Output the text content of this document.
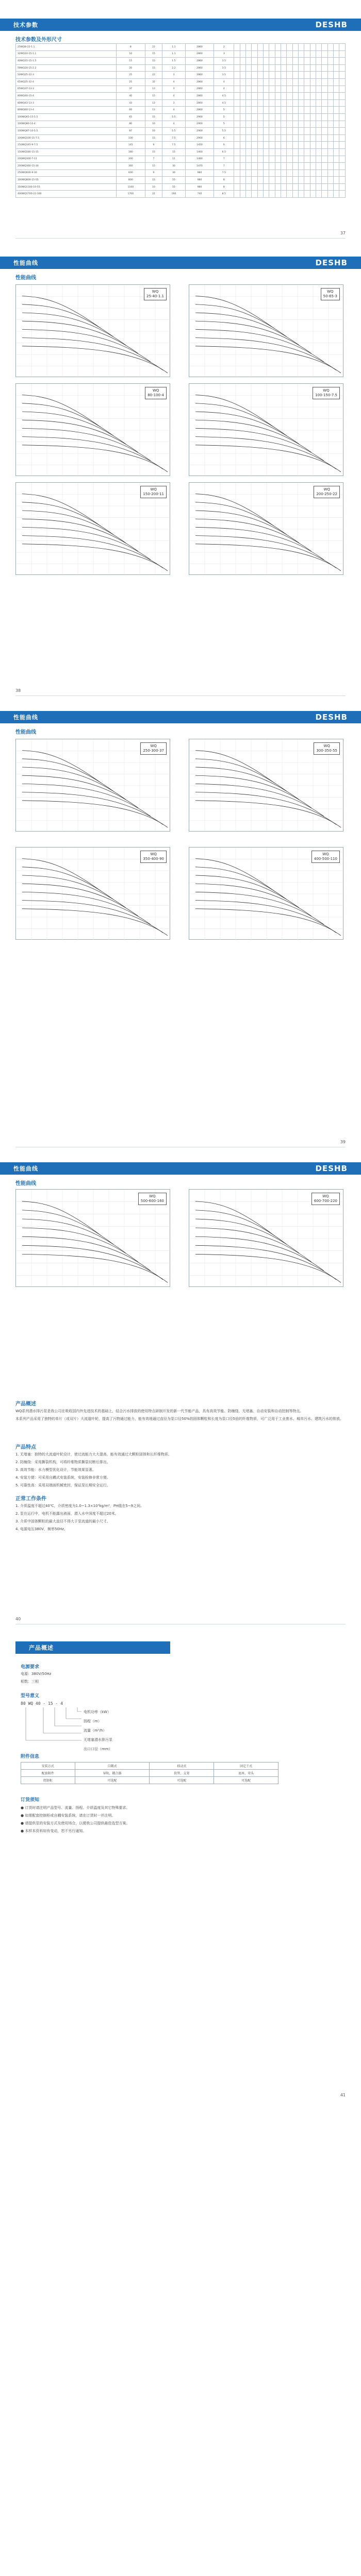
技术参数	DESHB
技术参数及外形尺寸
25WQ8-22-1.1	8	22	1.1	2860	2																			
32WQ10-15-1.1	10	15	1.1	2860	3																			
40WQ15-15-1.5	15	15	1.5	2860	3.5																			
50WQ20-15-2.2	20	15	2.2	2860	3.5																			
50WQ25-22-3	25	22	3	2860	3.5																			
65WQ25-32-4	25	32	4	2860	4																			
65WQ37-13-3	37	13	3	2860	4																			
80WQ40-15-4	40	15	4	2860	4.5																			
80WQ43-13-3	43	13	3	2860	4.5																			
80WQ60-13-4	60	13	4	2860	5																			
100WQ65-15-5.5	65	15	5.5	2900	5																			
100WQ80-10-4	80	10	4	2900	5																			
100WQ87-10-5.5	87	10	5.5	2900	5.5																			
100WQ100-15-7.5	100	15	7.5	2900	6																			
150WQ145-9-7.5	145	9	7.5	1450	6																			
150WQ180-15-15	180	15	15	1460	6.5																			
200WQ300-7-11	300	7	11	1460	7																			
200WQ360-15-30	360	15	30	1470	7																			
250WQ600-9-30	600	9	30	980	7.5																			
300WQ800-15-55	800	15	55	980	8																			
350WQ1100-10-55	1100	10	55	980	8																			
400WQ1700-22-160	1700	22	160	740	8.5																			
37
性能曲线	DESHB
性能曲线
WQ
25-40-1.1
WQ
50-65-3
WQ
80-100-4
WQ
100-150-7.5
WQ
150-200-11
WQ
200-250-22
38
性能曲线	DESHB
性能曲线
WQ
250-300-37
WQ
300-350-55
WQ
350-400-90
WQ
400-500-110
39
性能曲线	DESHB
性能曲线
WQ
500-600-160
WQ
600-700-220
产品概述

WQ系列潜水排污泵是我公司在吸收国内外先进技术的基础上，结合污水排放的使用特点研制开发的新一代节能产品，具有高效节能、防缠绕、无堵塞、自动安装和自动控制等特点。

本系列产品采用了独特的单片（或双片）大流道叶轮，提高了污物通过能力，能有效地通过直径为泵口径50%的固体颗粒和长度为泵口径5倍的纤维物质，可广泛用于工业废水、城市污水、建筑污水的排放。

产品特点

1. 无堵塞：独特的大流道叶轮设计，使过流能力大大提高，能有效通过大颗粒固体和长纤维物质。

2. 防缠绕：采用撕裂机构，可将纤维物质撕裂切断后排出。

3. 高效节能：水力模型优化设计，节能效果显著。

4. 安装方便：可采用自耦式安装系统，安装检修非常方便。

5. 可靠性高：采用双端面机械密封，保证泵长期安全运行。

正常工作条件

1. 介质温度不超过40℃，介质密度为1.0~1.3×10³kg/m³，PH值在5~9之间。

2. 泵在运行中，电机不能露出液面，潜入水中深度不超过20米。

3. 介质中固体颗粒的最大直径不得大于泵流道的最小尺寸。

4. 电源电压380V，频率50Hz。

40
产品概述
电源要求

电源：380V/50Hz

相数：三相

型号意义
80 WQ 40 - 15 - 4

电机功率（kW）

扬程（m）

流量（m³/h）

无堵塞潜水排污泵

出口口径（mm）

附件信息
安装方式	自耦式	移动式	固定干式
配套附件	导轨、耦合器	软管、支架	底座、弯头
控制柜	可选配	可选配	可选配
订货须知

● 订货时请注明产品型号、流量、扬程、介质温度及其它特殊要求。

● 如需配套控制柜或自耦安装系统，请在订货时一并注明。

● 请提供泵的安装方式及使用场合，以便我公司提供最佳选型方案。

● 本样本资料如有变动，恕不另行通知。

41
